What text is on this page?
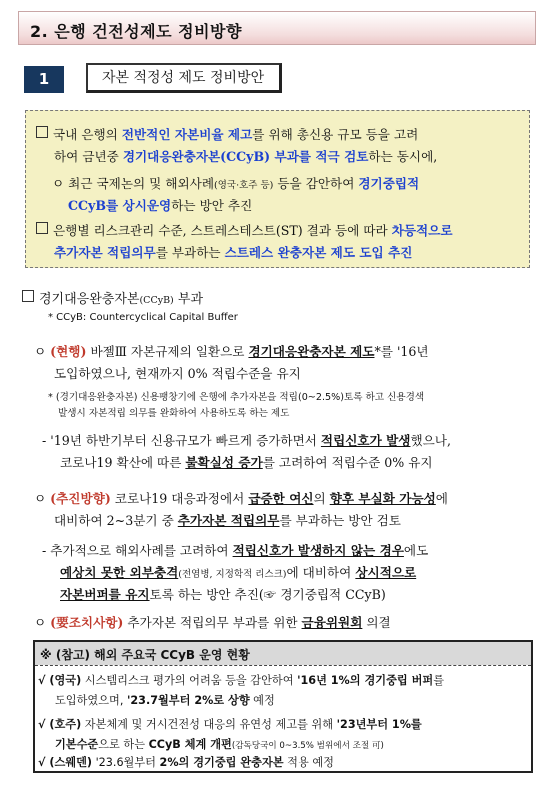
2. 은행 건전성제도 정비방향
1	자본 적정성 제도 정비방안
국내 은행의 전반적인 자본비율 제고를 위해 총신용 규모 등을 고려
하여 금년중 경기대응완충자본(CCyB) 부과를 적극 검토하는 동시에,
ㅇ 최근 국제논의 및 해외사례(영국·호주 등) 등을 감안하여 경기중립적
CCyB를 상시운영하는 방안 추진
은행별 리스크관리 수준, 스트레스테스트(ST) 결과 등에 따라 차등적으로
추가자본 적립의무를 부과하는 스트레스 완충자본 제도 도입 추진
경기대응완충자본(CCyB) 부과
* CCyB: Countercyclical Capital Buffer
ㅇ (현행) 바젤Ⅲ 자본규제의 일환으로 경기대응완충자본 제도*를 '16년
도입하였으나, 현재까지 0% 적립수준을 유지
* (경기대응완충자본) 신용팽창기에 은행에 추가자본을 적립(0~2.5%)토록 하고 신용경색
발생시 자본적립 의무를 완화하여 사용하도록 하는 제도
- '19년 하반기부터 신용규모가 빠르게 증가하면서 적립신호가 발생했으나,
코로나19 확산에 따른 불확실성 증가를 고려하여 적립수준 0% 유지
ㅇ (추진방향) 코로나19 대응과정에서 급증한 여신의 향후 부실화 가능성에
대비하여 2~3분기 중 추가자본 적립의무를 부과하는 방안 검토
- 추가적으로 해외사례를 고려하여 적립신호가 발생하지 않는 경우에도
예상치 못한 외부충격(전염병, 지정학적 리스크)에 대비하여 상시적으로
자본버퍼를 유지토록 하는 방안 추진(☞ 경기중립적 CCyB)
ㅇ (要조치사항) 추가자본 적립의무 부과를 위한 금융위원회 의결
※ (참고) 해외 주요국 CCyB 운영 현황
√ (영국) 시스템리스크 평가의 어려움 등을 감안하여 '16년 1%의 경기중립 버퍼를
도입하였으며, '23.7월부터 2%로 상향 예정
√ (호주) 자본체계 및 거시건전성 대응의 유연성 제고를 위해 '23년부터 1%를
기본수준으로 하는 CCyB 체계 개편(감독당국이 0~3.5% 범위에서 조절 可)
√ (스웨덴) '23.6월부터 2%의 경기중립 완충자본 적용 예정
